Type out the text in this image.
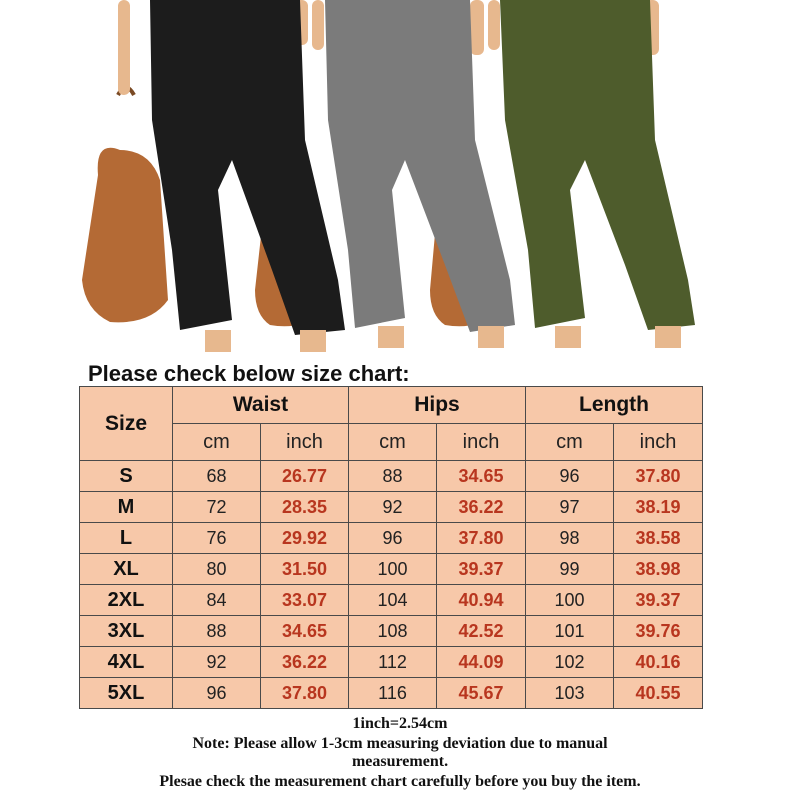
Please check below size chart:
Size	Waist		Hips		Length	
	cm	inch	cm	inch	cm	inch
S	68	26.77	88	34.65	96	37.80
M	72	28.35	92	36.22	97	38.19
L	76	29.92	96	37.80	98	38.58
XL	80	31.50	100	39.37	99	38.98
2XL	84	33.07	104	40.94	100	39.37
3XL	88	34.65	108	42.52	101	39.76
4XL	92	36.22	112	44.09	102	40.16
5XL	96	37.80	116	45.67	103	40.55
1inch=2.54cm
Note: Please allow 1-3cm measuring deviation due to manual
measurement.
Plesae check the measurement chart carefully before you buy the item.
